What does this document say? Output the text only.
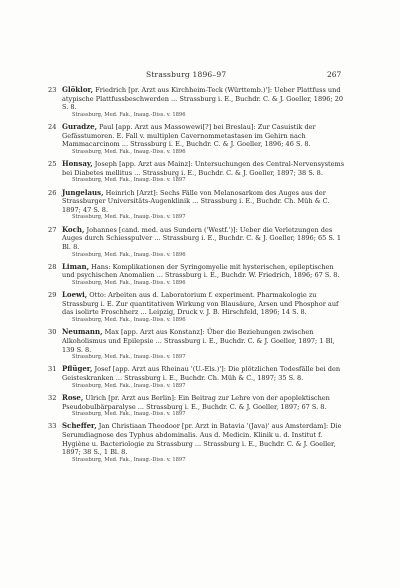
Strassburg 1896–97	267
23 Glöklor, Friedrich [pr. Arzt aus Kirchheim-Teck (Württemb.)']: Ueber Plattfuss und atypische Plattfussbeschwerden ... Strassburg i. E., Buchdr. C. & J. Goeller, 1896; 20 S. 8.
Strassburg, Med. Fak., Inaug.-Diss. v. 1896
24 Guradze, Paul [app. Arzt aus Massowewi[?] bei Breslau]: Zur Casuistik der Gefässtumoren. E. Fall v. multiplen Cavernommetastasen im Gehirn nach Mammacarcinom ... Strassburg i. E., Buchdr. C. & J. Goeller, 1896; 46 S. 8.
Strassburg, Med. Fak., Inaug.-Diss. v. 1896
25 Honsay, Joseph [app. Arzt aus Mainz]: Untersuchungen des Central-Nervensystems bei Diabetes mellitus ... Strassburg i. E., Buchdr. C. & J. Goeller, 1897; 38 S. 8.
Strassburg, Med. Fak., Inaug.-Diss. v. 1897
26 Jungelaus, Heinrich [Arzt]: Sechs Fälle von Melanosarkom des Auges aus der Strassburger Universitäts-Augenklinik ... Strassburg i. E., Buchdr. Ch. Müh & C. 1897; 47 S. 8.
Strassburg, Med. Fak., Inaug.-Diss. v. 1897
27 Koch, Johannes [cand. med. aus Sundern ('Westf.')]: Ueber die Verletzungen des Auges durch Schiesspulver ... Strassburg i. E., Buchdr. C. & J. Goeller, 1896; 65 S. 1 Bl. 8.
Strassburg, Med. Fak., Inaug.-Diss. v. 1896
28 Liman, Hans: Komplikationen der Syringomyelie mit hysterischen, epileptischen und psychischen Anomalien ... Strassburg i. E., Buchdr. W. Friedrich, 1896; 67 S. 8.
Strassburg, Med. Fak., Inaug.-Diss. v. 1896
29 Loewi, Otto: Arbeiten aus d. Laboratorium f. experiment. Pharmakologie zu Strassburg i. E. Zur quantitativen Wirkung von Blausäure, Arsen und Phosphor auf das isolirte Froschherz ... Leipzig, Druck v. J. B. Hirschfeld, 1896; 14 S. 8.
Strassburg, Med. Fak., Inaug.-Diss. v. 1896
30 Neumann, Max [app. Arzt aus Konstanz]: Über die Beziehungen zwischen Alkoholismus und Epilepsie ... Strassburg i. E., Buchdr. C. & J. Goeller, 1897; 1 Bl, 139 S. 8.
Strassburg, Med. Fak., Inaug.-Diss. v. 1897
31 Pflüger, Josef [app. Arzt aus Rheinau '(U.-Els.)']: Die plötzlichen Todesfälle bei den Geisteskranken ... Strassburg i. E., Buchdr. Ch. Müh & C., 1897; 35 S. 8.
Strassburg, Med. Fak., Inaug.-Diss. v. 1897
32 Rose, Ulrich [pr. Arzt aus Berlin]: Ein Beitrag zur Lehre von der apoplektischen Pseudobulbärparalyse ... Strassburg i. E., Buchdr. C. & J. Goeller, 1897; 67 S. 8.
Strassburg, Med. Fak., Inaug.-Diss. v. 1897
33 Scheffer, Jan Christiaan Theodoor [pr. Arzt in Batavia '(Java)' aus Amsterdam]: Die Serumdiagnose des Typhus abdominalis. Aus d. Medicin. Klinik u. d. Institut f. Hygiène u. Bacteriologie zu Strassburg ... Strassburg i. E., Buchdr. C. & J. Goeller, 1897; 38 S., 1 Bl. 8.
Strassburg, Med. Fak., Inaug.-Diss. v. 1897
